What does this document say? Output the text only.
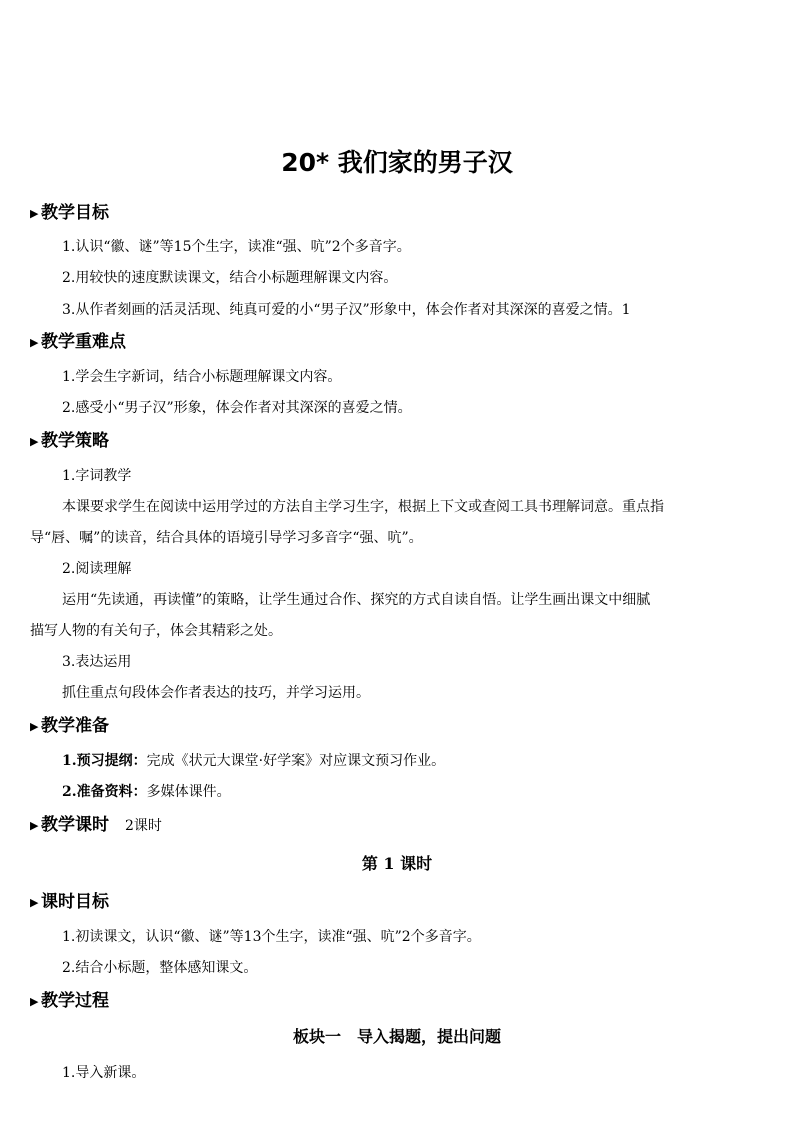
20* 我们家的男子汉
▶ 教学目标
1.认识“徽、谜”等15个生字，读准“强、吭”2个多音字。
2.用较快的速度默读课文，结合小标题理解课文内容。
3.从作者刻画的活灵活现、纯真可爱的小“男子汉”形象中，体会作者对其深深的喜爱之情。1
▶ 教学重难点
1.学会生字新词，结合小标题理解课文内容。
2.感受小“男子汉”形象，体会作者对其深深的喜爱之情。
▶ 教学策略
1.字词教学
本课要求学生在阅读中运用学过的方法自主学习生字，根据上下文或查阅工具书理解词意。重点指
导“唇、嘱”的读音，结合具体的语境引导学习多音字“强、吭”。
2.阅读理解
运用“先读通，再读懂”的策略，让学生通过合作、探究的方式自读自悟。让学生画出课文中细腻
描写人物的有关句子，体会其精彩之处。
3.表达运用
抓住重点句段体会作者表达的技巧，并学习运用。
▶ 教学准备
1.预习提纲：完成《状元大课堂·好学案》对应课文预习作业。
2.准备资料：多媒体课件。
▶ 教学课时 2课时
第 1 课时
▶ 课时目标
1.初读课文，认识“徽、谜”等13个生字，读准“强、吭”2个多音字。
2.结合小标题，整体感知课文。
▶ 教学过程
板块一　导入揭题，提出问题
1.导入新课。
